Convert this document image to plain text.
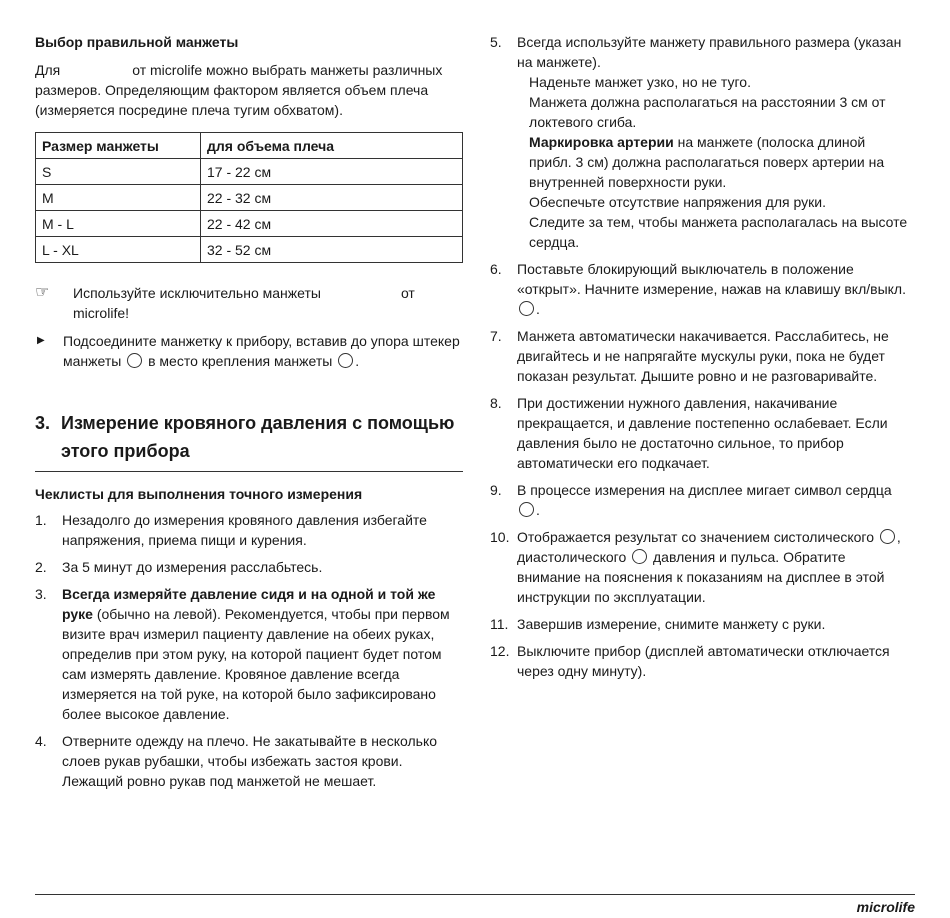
Выбор правильной манжеты

Для	от microlife можно выбрать манжеты различных размеров. Определяющим фактором является объем плеча (измеряется посредине плеча тугим обхватом).

Размер манжеты	для объема плеча
S	17 - 22 см
M	22 - 32 см
M - L	22 - 42 см
L - XL	32 - 52 см
☞	Используйте исключительно манжеты	от
microlife!
▶	Подсоедините манжетку к прибору, вставив до упора штекер манжеты в место крепления манжеты .
3. Измерение кровяного давления с помощью этого прибора
Чеклисты для выполнения точного измерения
1.	Незадолго до измерения кровяного давления избегайте напряжения, приема пищи и курения.
2.	За 5 минут до измерения расслабьтесь.
3.	Всегда измеряйте давление сидя и на одной и той же руке (обычно на левой). Рекомендуется, чтобы при первом визите врач измерил пациенту давление на обеих руках, определив при этом руку, на которой пациент будет потом сам измерять давление. Кровяное давление всегда измеряется на той руке, на которой было зафиксировано более высокое давление.
4.	Отверните одежду на плечо. Не закатывайте в несколько слоев рукав рубашки, чтобы избежать застоя крови. Лежащий ровно рукав под манжетой не мешает.
5.	Всегда используйте манжету правильного размера (указан на манжете).
Наденьте манжет узко, но не туго.
Манжета должна располагаться на расстоянии 3 см от локтевого сгиба.
Маркировка артерии на манжете (полоска длиной прибл. 3 см) должна располагаться поверх артерии на внутренней поверхности руки.
Обеспечьте отсутствие напряжения для руки.
Следите за тем, чтобы манжета располагалась на высоте сердца.
6.	Поставьте блокирующий выключатель в положение «открыт». Начните измерение, нажав на клавишу вкл/выкл. .
7.	Манжета автоматически накачивается. Расслабитесь, не двигайтесь и не напрягайте мускулы руки, пока не будет показан результат. Дышите ровно и не разговаривайте.
8.	При достижении нужного давления, накачивание прекращается, и давление постепенно ослабевает. Если давления было не достаточно сильное, то прибор автоматически его подкачает.
9.	В процессе измерения на дисплее мигает символ сердца .
10. Отображается результат со значением систолического , диастолического давления и пульса. Обратите внимание на пояснения к показаниям на дисплее в этой инструкции по эксплуатации.
11. Завершив измерение, снимите манжету с руки.
12. Выключите прибор (дисплей автоматически отключается через одну минуту).
microlife
